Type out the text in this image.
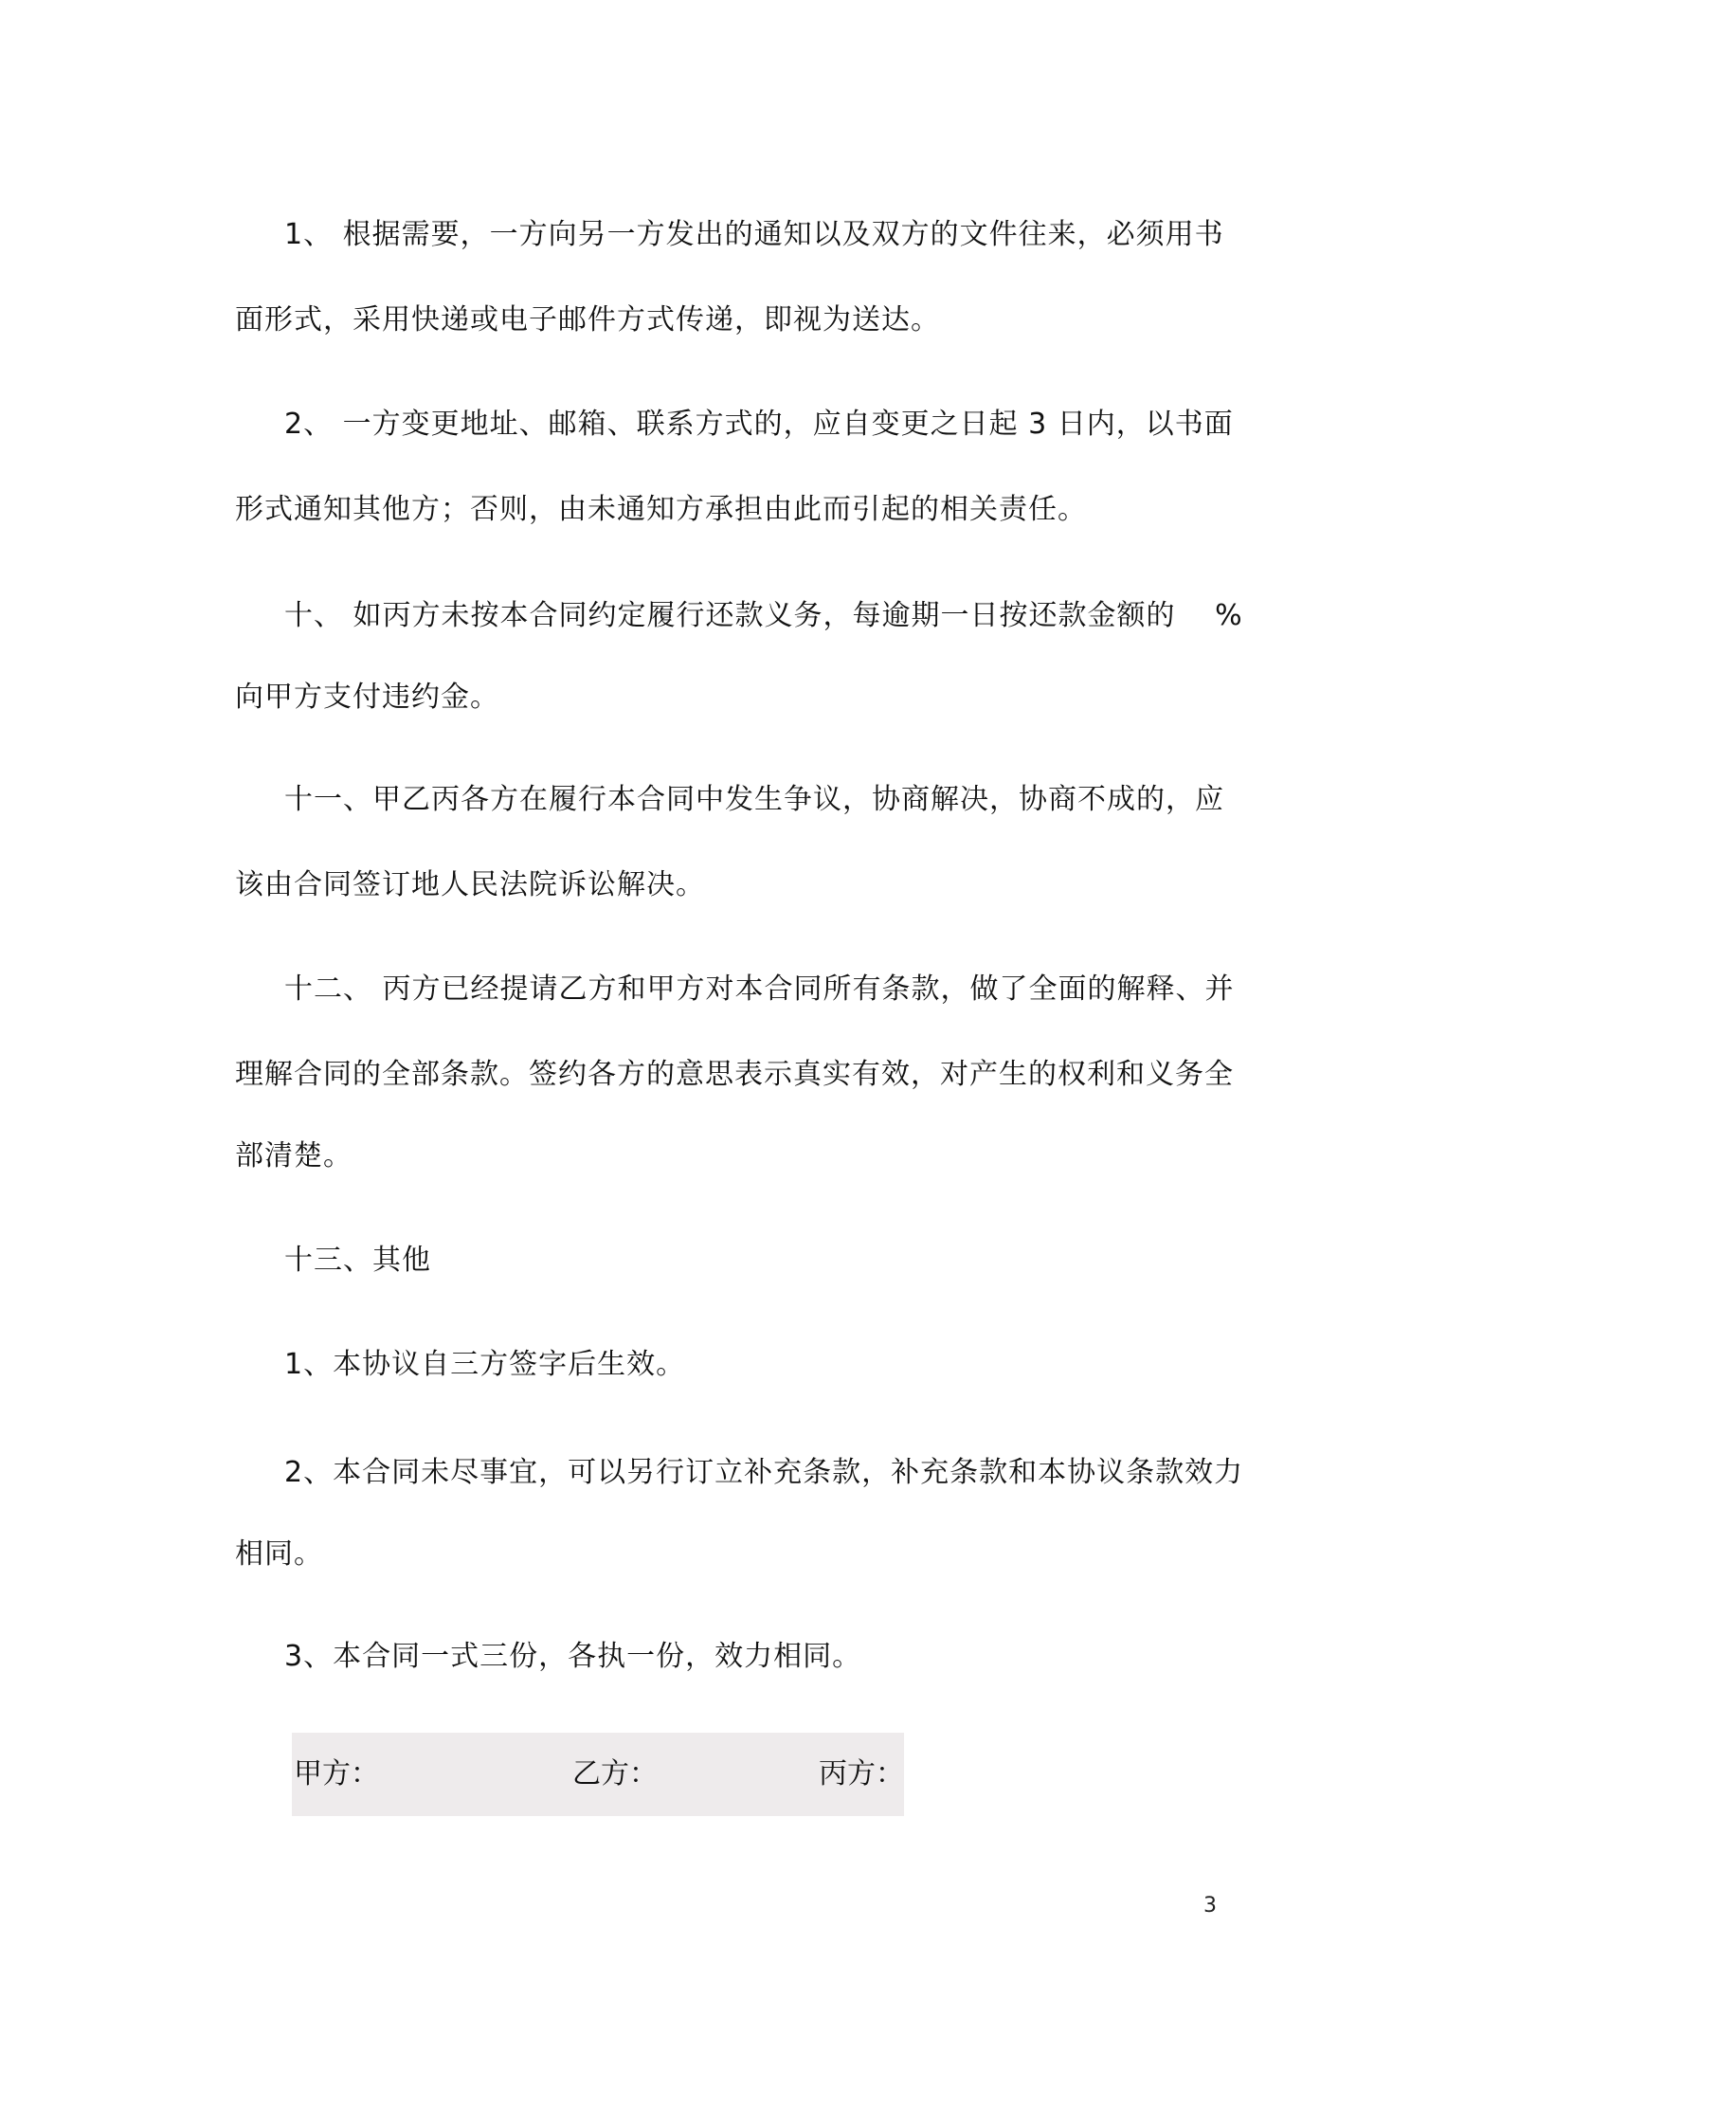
1、 根据需要，一方向另一方发出的通知以及双方的文件往来，必须用书
面形式，采用快递或电子邮件方式传递，即视为送达。
2、 一方变更地址、邮箱、联系方式的，应自变更之日起 3 日内，以书面
形式通知其他方；否则，由未通知方承担由此而引起的相关责任。
十、 如丙方未按本合同约定履行还款义务，每逾期一日按还款金额的　 %
向甲方支付违约金。
十一、甲乙丙各方在履行本合同中发生争议，协商解决，协商不成的，应
该由合同签订地人民法院诉讼解决。
十二、 丙方已经提请乙方和甲方对本合同所有条款，做了全面的解释、并
理解合同的全部条款。签约各方的意思表示真实有效，对产生的权利和义务全
部清楚。
十三、其他
1、本协议自三方签字后生效。
2、本合同未尽事宜，可以另行订立补充条款，补充条款和本协议条款效力
相同。
3、本合同一式三份，各执一份，效力相同。
甲方：	乙方：	丙方：
3
